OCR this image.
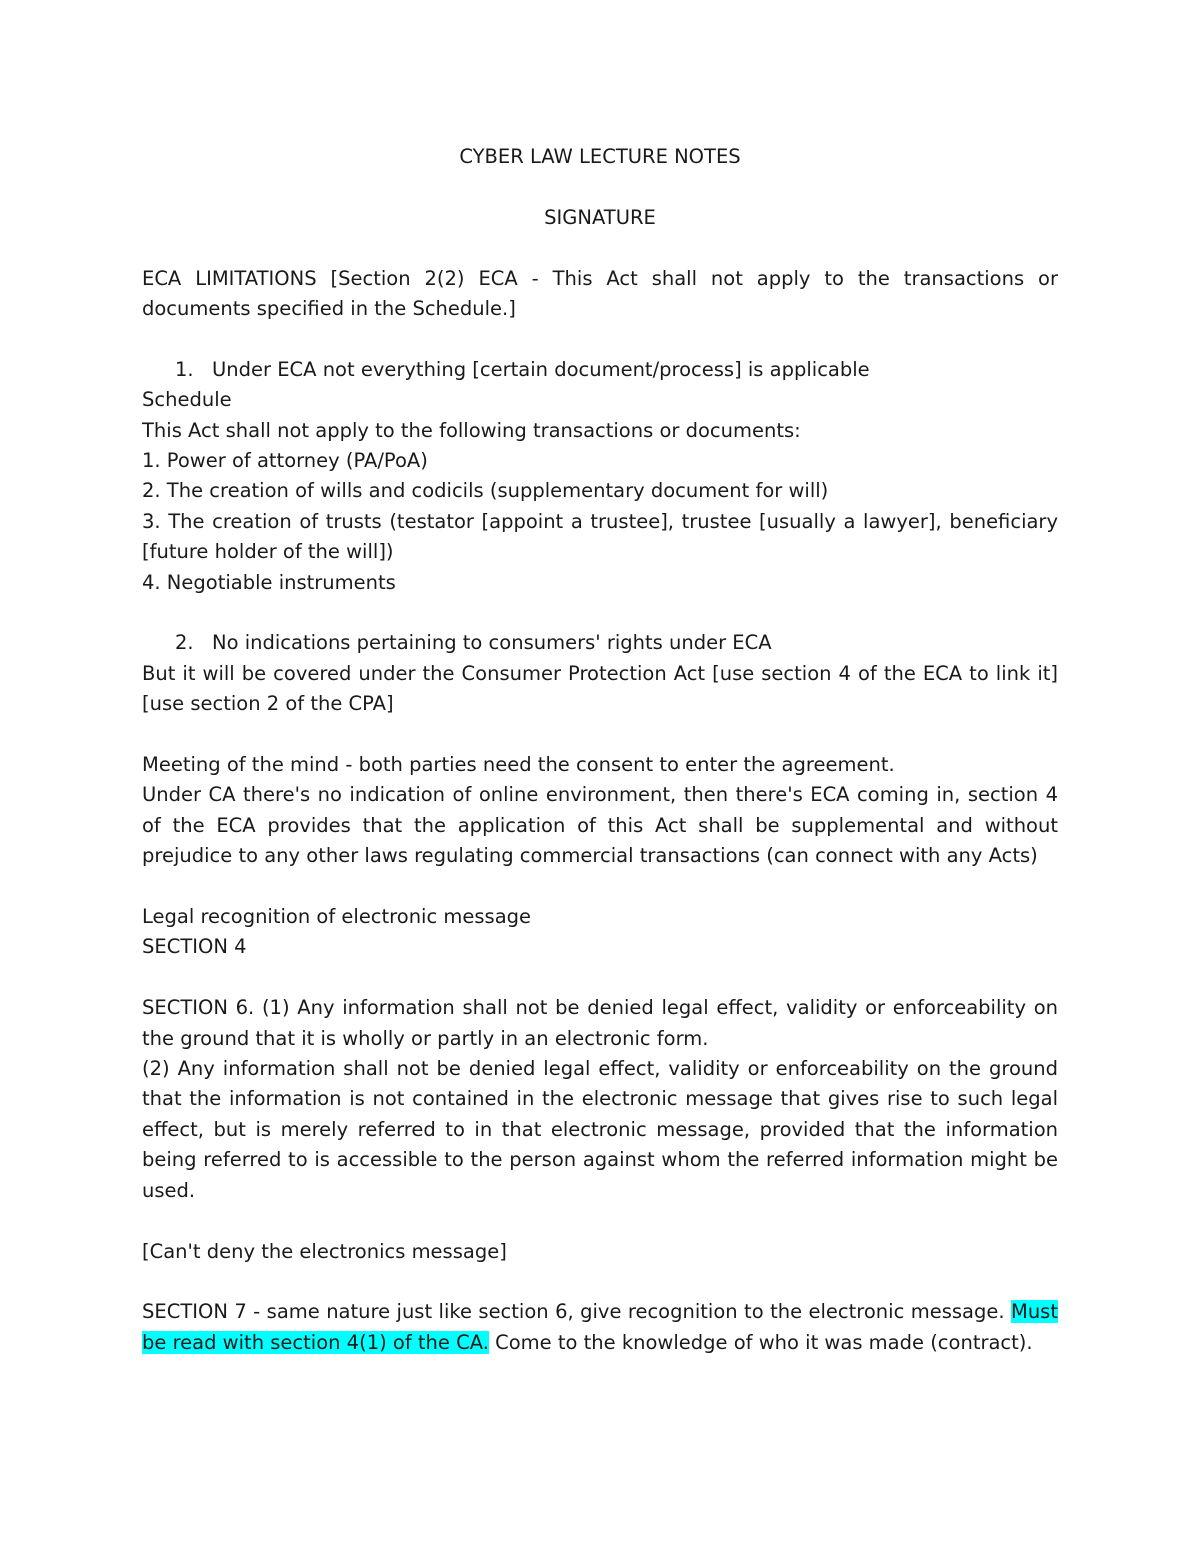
CYBER LAW LECTURE NOTES

SIGNATURE

ECA LIMITATIONS [Section 2(2) ECA - This Act shall not apply to the transactions or documents specified in the Schedule.]

1. Under ECA not everything [certain document/process] is applicable

Schedule

This Act shall not apply to the following transactions or documents:

1. Power of attorney (PA/PoA)

2. The creation of wills and codicils (supplementary document for will)

3. The creation of trusts (testator [appoint a trustee], trustee [usually a lawyer], beneficiary [future holder of the will])

4. Negotiable instruments

2. No indications pertaining to consumers' rights under ECA

But it will be covered under the Consumer Protection Act [use section 4 of the ECA to link it] [use section 2 of the CPA]

Meeting of the mind - both parties need the consent to enter the agreement.

Under CA there's no indication of online environment, then there's ECA coming in, section 4 of the ECA provides that the application of this Act shall be supplemental and without prejudice to any other laws regulating commercial transactions (can connect with any Acts)

Legal recognition of electronic message

SECTION 4

SECTION 6. (1) Any information shall not be denied legal effect, validity or enforceability on the ground that it is wholly or partly in an electronic form.

(2) Any information shall not be denied legal effect, validity or enforceability on the ground that the information is not contained in the electronic message that gives rise to such legal effect, but is merely referred to in that electronic message, provided that the information being referred to is accessible to the person against whom the referred information might be used.

[Can't deny the electronics message]

SECTION 7 - same nature just like section 6, give recognition to the electronic message. Must be read with section 4(1) of the CA. Come to the knowledge of who it was made (contract).
